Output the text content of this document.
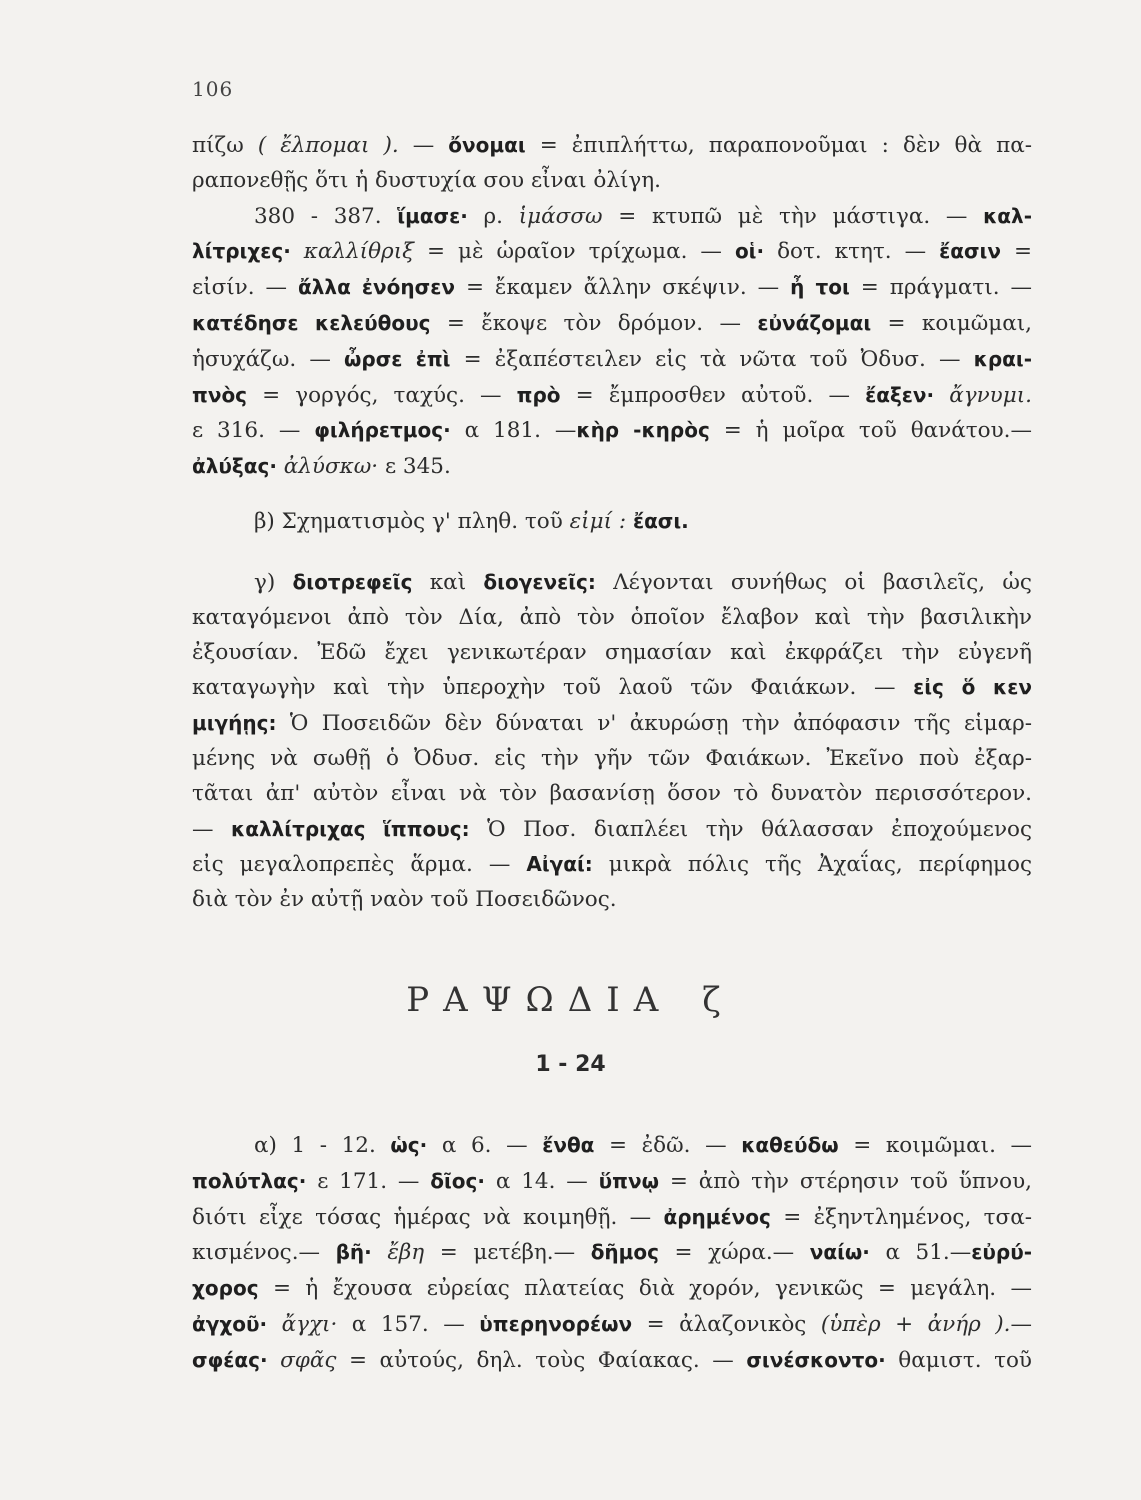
106
πίζω ( ἔλπομαι ). — ὄνομαι = ἐπιπλήττω, παραπονοῦμαι : δὲν θὰ πα-
ραπονεθῇς ὅτι ἡ δυστυχία σου εἶναι ὀλίγη.
380 - 387. ἵμασε· ρ. ἱμάσσω = κτυπῶ μὲ τὴν μάστιγα. — καλ-
λίτριχες· καλλίθριξ = μὲ ὡραῖον τρίχωμα. — οἱ· δοτ. κτητ. — ἔασιν =
εἰσίν. — ἄλλα ἐνόησεν = ἔκαμεν ἄλλην σκέψιν. — ἦ τοι = πράγματι. —
κατέδησε κελεύθους = ἔκοψε τὸν δρόμον. — εὐνάζομαι = κοιμῶμαι,
ἡσυχάζω. — ὦρσε ἐπὶ = ἐξαπέστειλεν εἰς τὰ νῶτα τοῦ Ὀδυσ. — κραι-
πνὸς = γοργός, ταχύς. — πρὸ = ἔμπροσθεν αὐτοῦ. — ἔαξεν· ἄγνυμι.
ε 316. — φιλήρετμος· α 181. —κὴρ -κηρὸς = ἡ μοῖρα τοῦ θανάτου.—
ἀλύξας· ἀλύσκω· ε 345.
β) Σχηματισμὸς γ' πληθ. τοῦ εἰμί : ἔασι.
γ) διοτρεφεῖς καὶ διογενεῖς: Λέγονται συνήθως οἱ βασιλεῖς, ὡς
καταγόμενοι ἀπὸ τὸν Δία, ἀπὸ τὸν ὁποῖον ἔλαβον καὶ τὴν βασιλικὴν
ἐξουσίαν. Ἐδῶ ἔχει γενικωτέραν σημασίαν καὶ ἐκφράζει τὴν εὐγενῆ
καταγωγὴν καὶ τὴν ὑπεροχὴν τοῦ λαοῦ τῶν Φαιάκων. — εἰς ὅ κεν
μιγήῃς: Ὁ Ποσειδῶν δὲν δύναται ν' ἀκυρώσῃ τὴν ἀπόφασιν τῆς εἱμαρ-
μένης νὰ σωθῇ ὁ Ὀδυσ. εἰς τὴν γῆν τῶν Φαιάκων. Ἐκεῖνο ποὺ ἐξαρ-
τᾶται ἀπ' αὐτὸν εἶναι νὰ τὸν βασανίσῃ ὅσον τὸ δυνατὸν περισσότερον.
— καλλίτριχας ἵππους: Ὁ Ποσ. διαπλέει τὴν θάλασσαν ἐποχούμενος
εἰς μεγαλοπρεπὲς ἅρμα. — Αἰγαί: μικρὰ πόλις τῆς Ἀχαΐας, περίφημος
διὰ τὸν ἐν αὐτῇ ναὸν τοῦ Ποσειδῶνος.
ΡΑΨΩΔΙΑ ζ
1 - 24
α) 1 - 12. ὡς· α 6. — ἔνθα = ἐδῶ. — καθεύδω = κοιμῶμαι. —
πολύτλας· ε 171. — δῖος· α 14. — ὕπνῳ = ἀπὸ τὴν στέρησιν τοῦ ὕπνου,
διότι εἶχε τόσας ἡμέρας νὰ κοιμηθῇ. — ἀρημένος = ἐξηντλημένος, τσα-
κισμένος.— βῆ· ἔβη = μετέβη.— δῆμος = χώρα.— ναίω· α 51.—εὐρύ-
χορος = ἡ ἔχουσα εὐρείας πλατείας διὰ χορόν, γενικῶς = μεγάλη. —
ἀγχοῦ· ἄγχι· α 157. — ὑπερηνορέων = ἀλαζονικὸς (ὑπὲρ + ἀνήρ ).—
σφέας· σφᾶς = αὐτούς, δηλ. τοὺς Φαίακας. — σινέσκοντο· θαμιστ. τοῦ
